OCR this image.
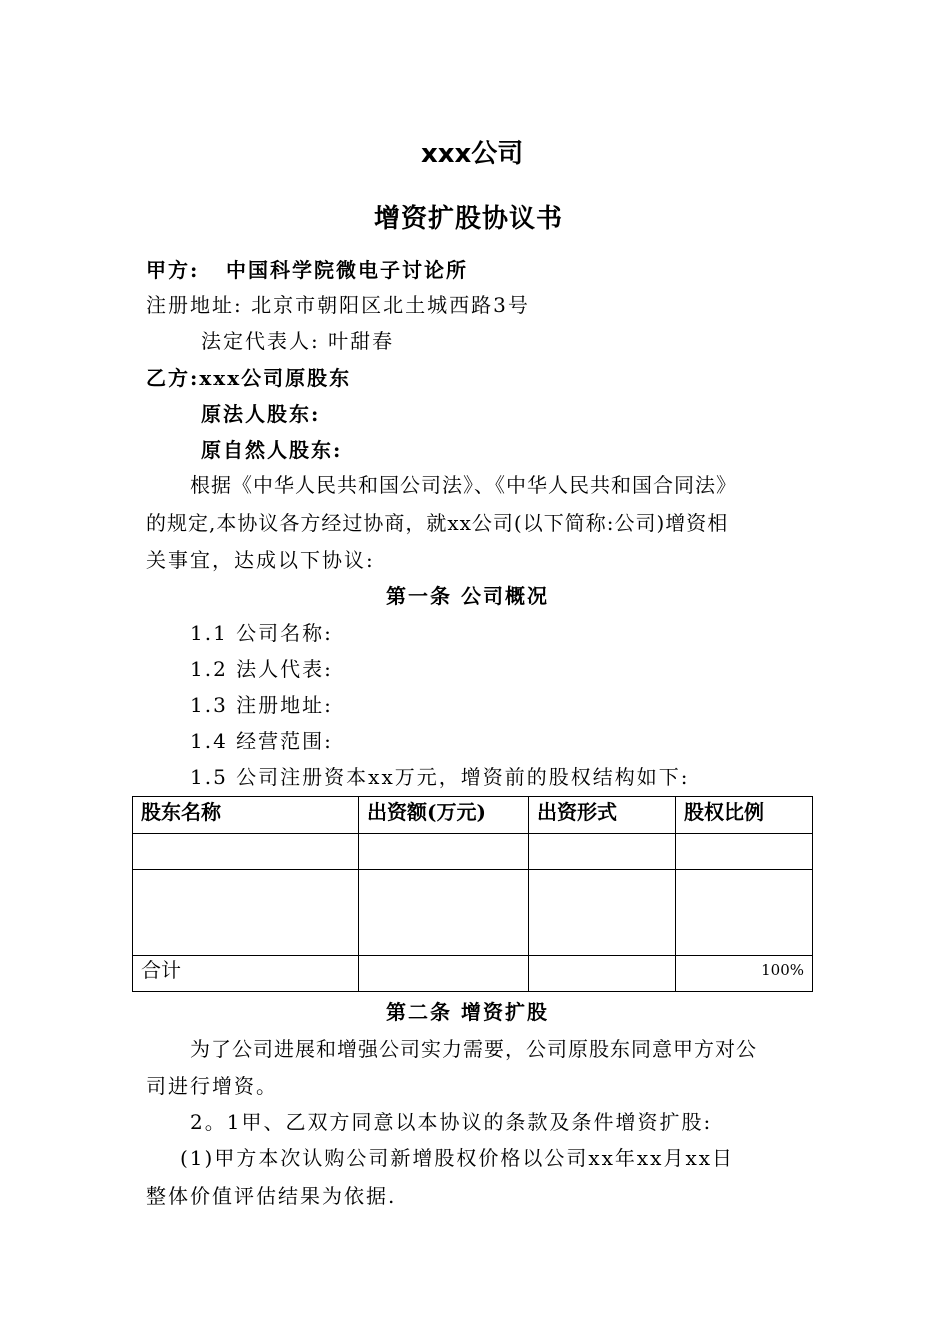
xxx公司
增资扩股协议书
甲方: 中国科学院微电子讨论所
注册地址: 北京市朝阳区北土城西路3号
法定代表人: 叶甜春
乙方:xxx公司原股东
原法人股东:
原自然人股东:
根据《中华人民共和国公司法》、《中华人民共和国合同法》
的规定,本协议各方经过协商，就xx公司(以下简称:公司)增资相
关事宜，达成以下协议:
第一条 公司概况
1.1 公司名称:
1.2 法人代表:
1.3 注册地址:
1.4 经营范围:
1.5 公司注册资本xx万元，增资前的股权结构如下:
股东名称	出资额(万元)	出资形式	股权比例

合计			100%
第二条 增资扩股
为了公司进展和增强公司实力需要，公司原股东同意甲方对公
司进行增资。
2。1甲、乙双方同意以本协议的条款及条件增资扩股:
(1)甲方本次认购公司新增股权价格以公司xx年xx月xx日
整体价值评估结果为依据.
